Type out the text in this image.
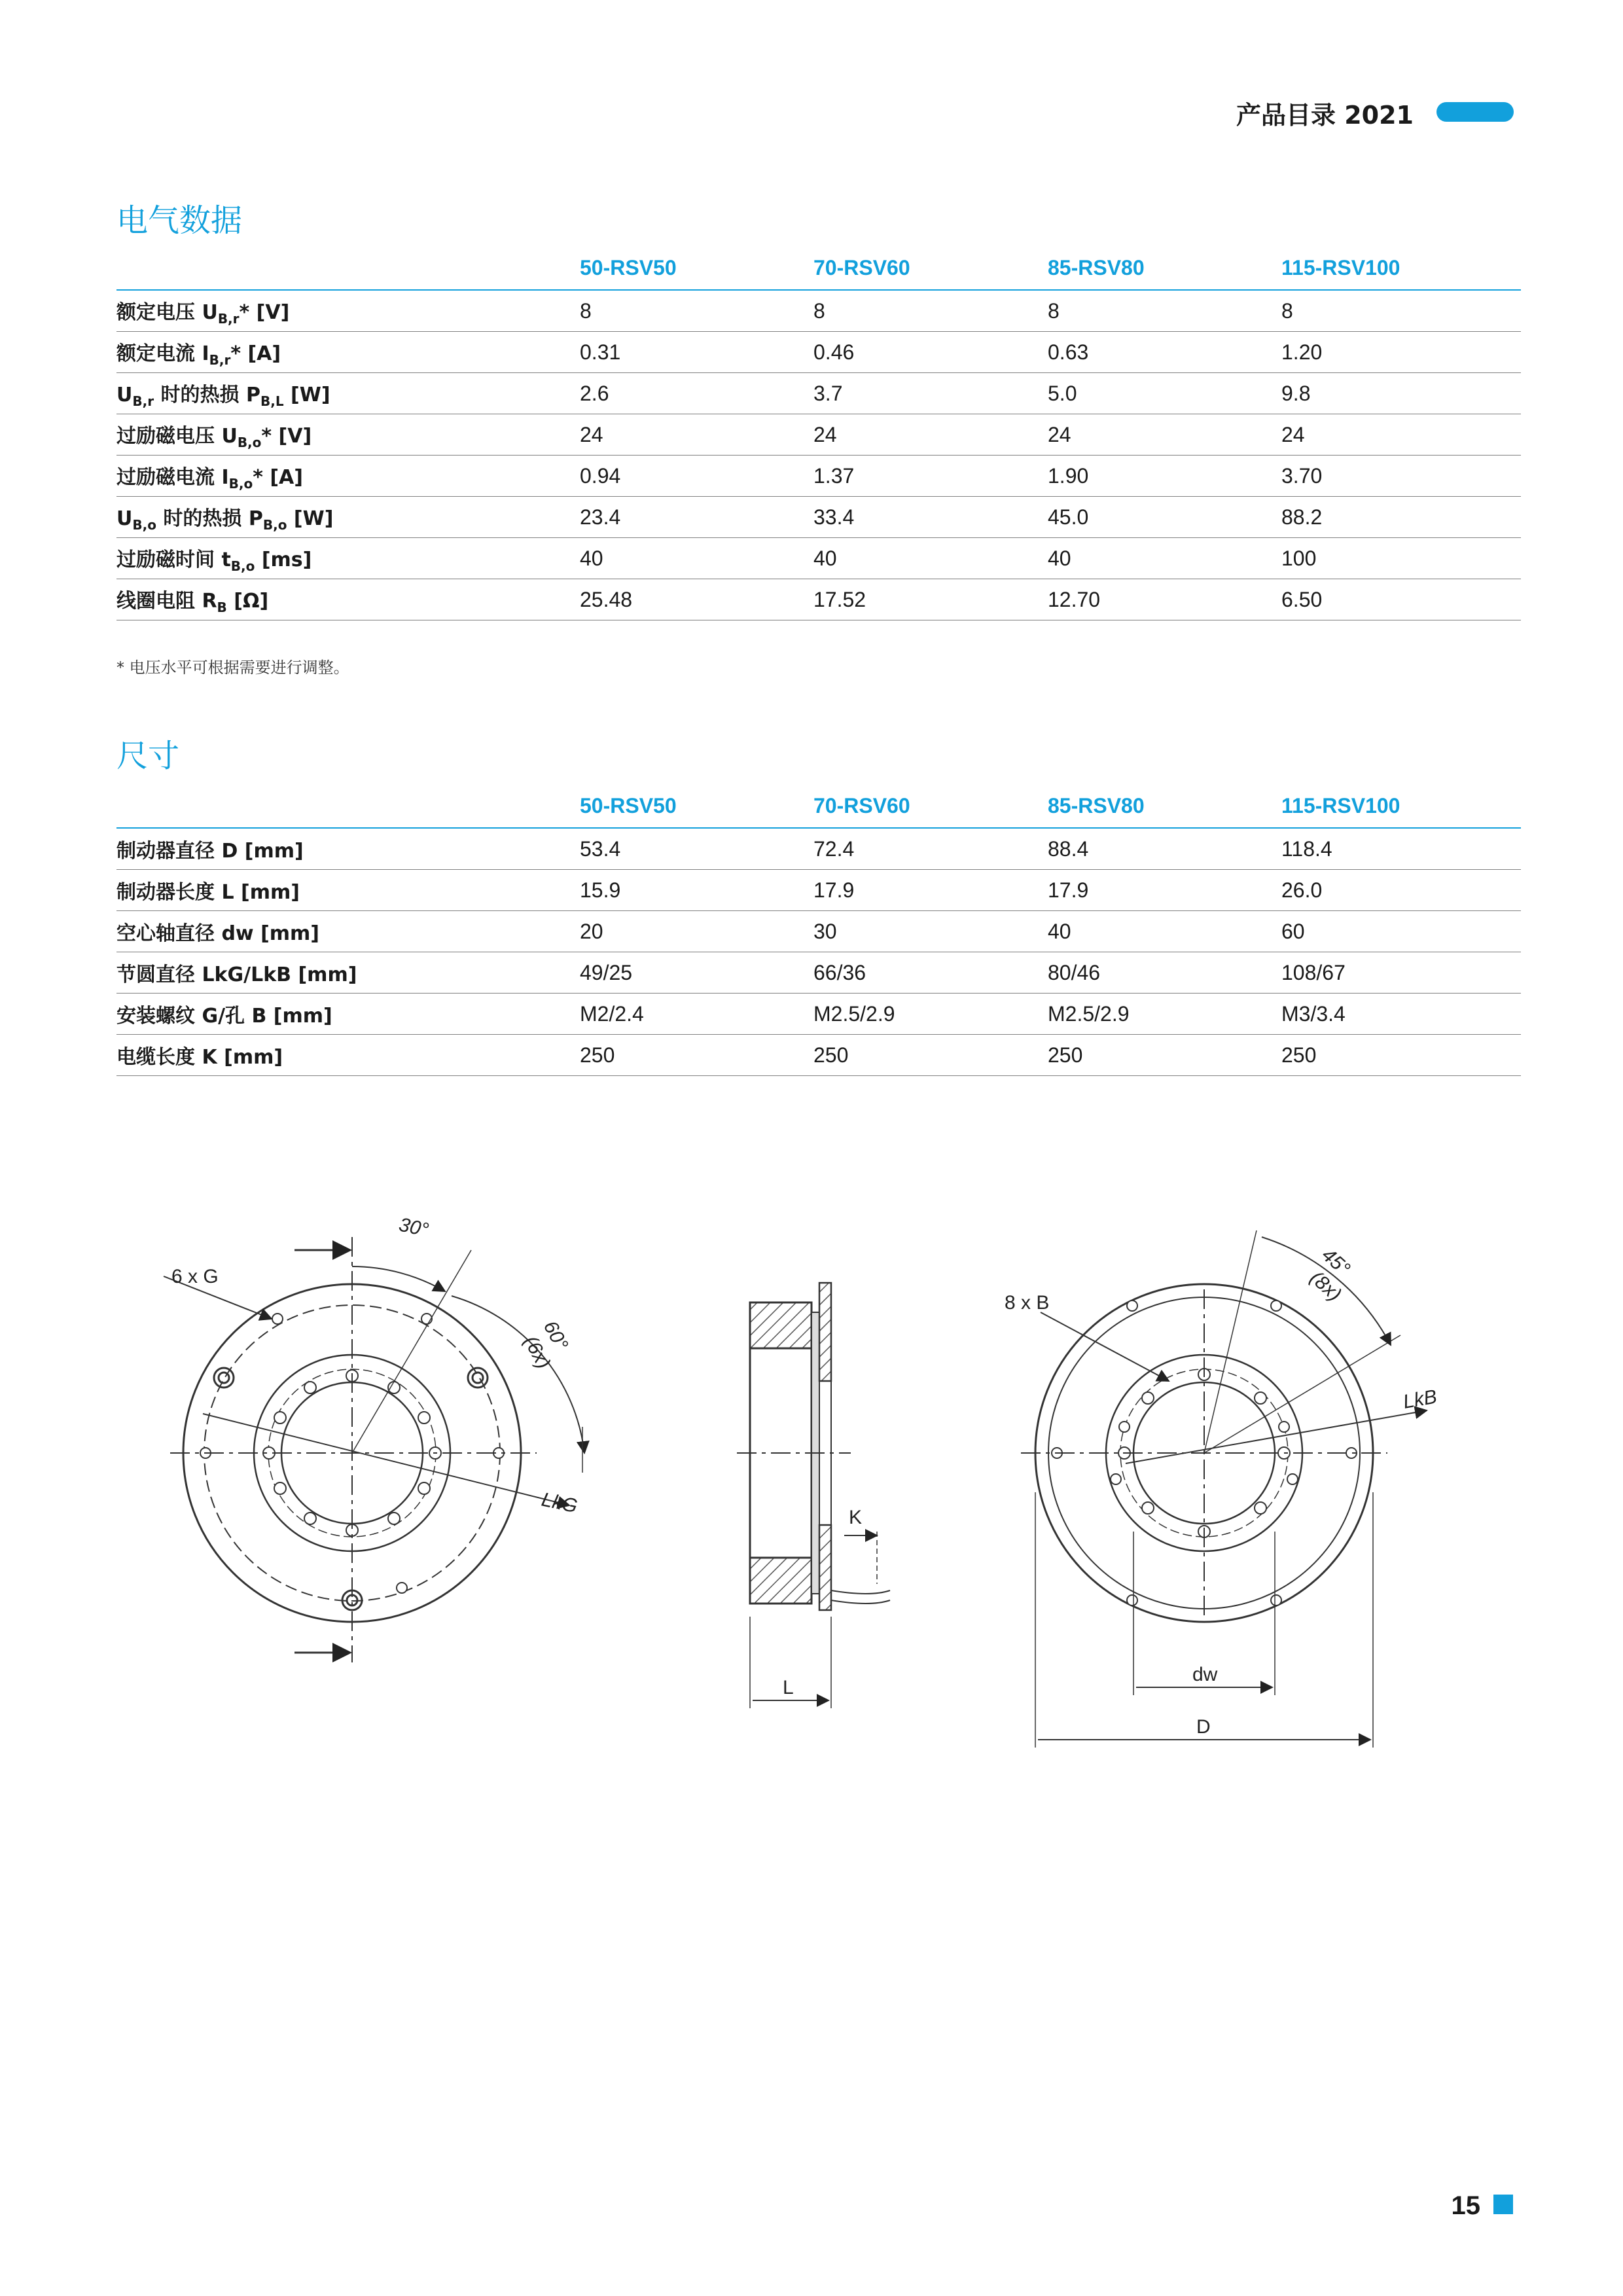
产品目录 2021
电气数据
	50-RSV50	70-RSV60	85-RSV80	115-RSV100
额定电压 $U_{B,r}*$ [V]	8	8	8	8
额定电流 $I_{B,r}*$ [A]	0.31	0.46	0.63	1.20
$U_{B,r}$ 时的热损 $P_{B,L}$ [W]	2.6	3.7	5.0	9.8
过励磁电压 $U_{B,o}*$ [V]	24	24	24	24
过励磁电流 $I_{B,o}*$ [A]	0.94	1.37	1.90	3.70
$U_{B,o}$ 时的热损 $P_{B,o}$ [W]	23.4	33.4	45.0	88.2
过励磁时间 $t_{B,o}$ [ms]	40	40	40	100
线圈电阻 $R_B$ [Ω]	25.48	17.52	12.70	6.50
* 电压水平可根据需要进行调整。
尺寸
	50-RSV50	70-RSV60	85-RSV80	115-RSV100
制动器直径 D [mm]	53.4	72.4	88.4	118.4
制动器长度 L [mm]	15.9	17.9	17.9	26.0
空心轴直径 dw [mm]	20	30	40	60
节圆直径 LkG/LkB [mm]	49/25	66/36	80/46	108/67
安装螺纹 G/孔 B [mm]	M2/2.4	M2.5/2.9	M2.5/2.9	M3/3.4
电缆长度 K [mm]	250	250	250	250
30°
60°
(6x)
6 x G
LkG
K
L
45°
(8x)
8 x B
LkB
dw
D
15
